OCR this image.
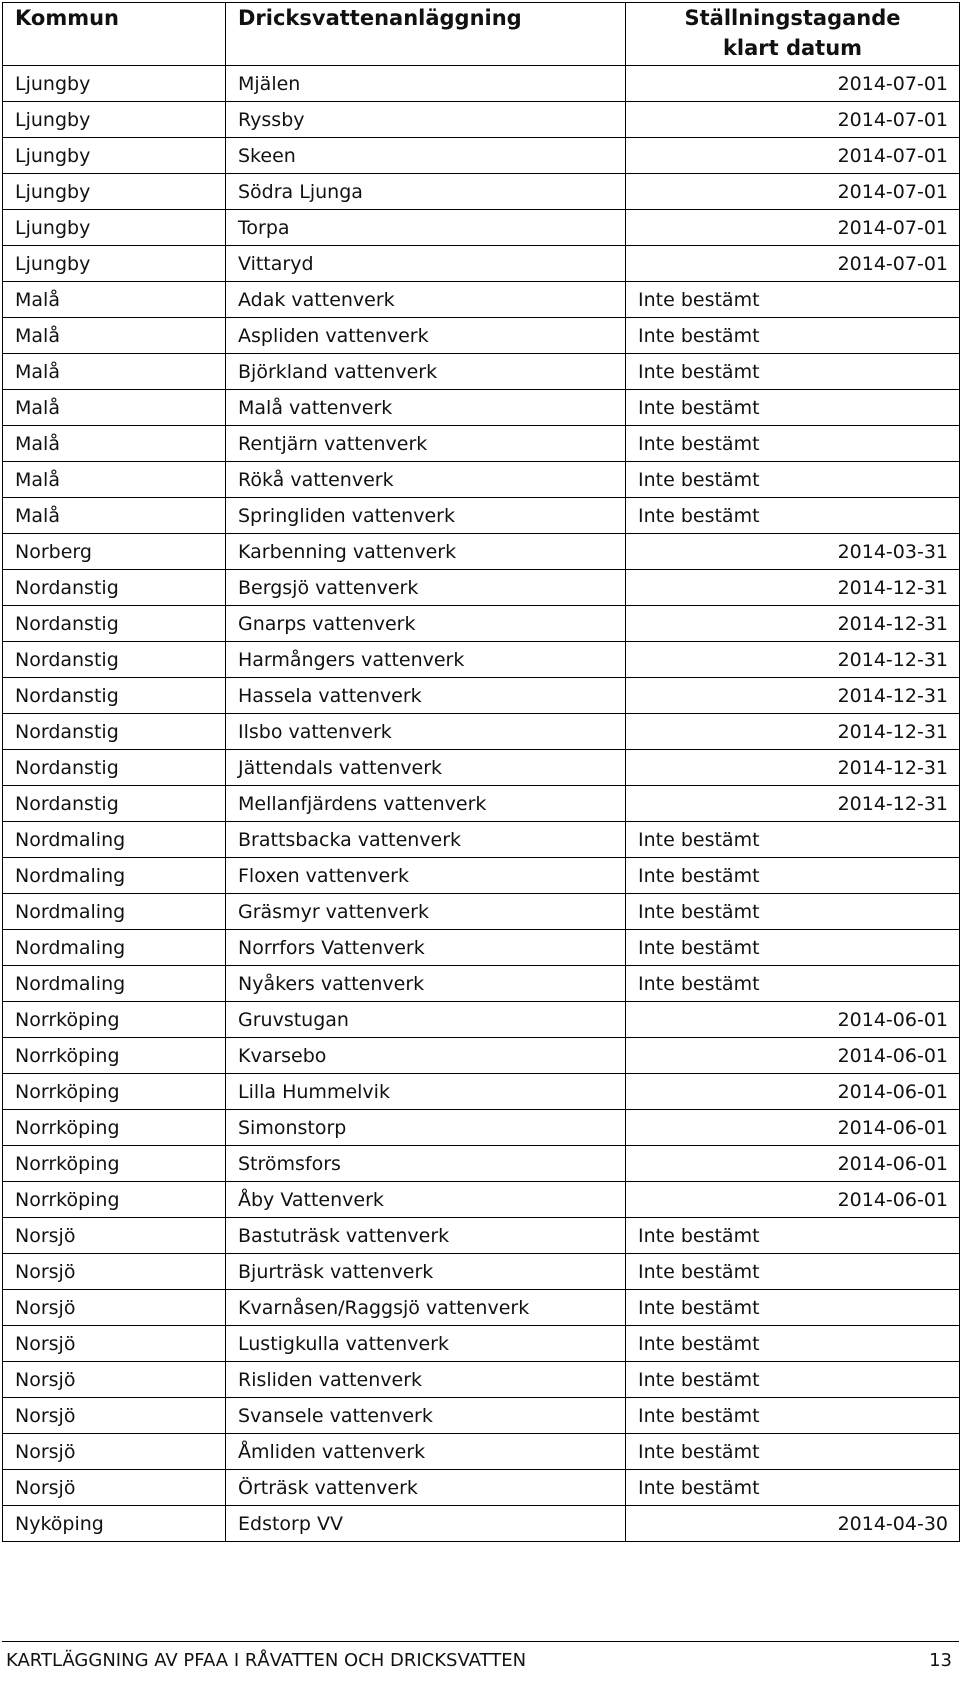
Kommun	Dricksvattenanläggning	Ställningstagande
klart datum
Ljungby	Mjälen	2014-07-01
Ljungby	Ryssby	2014-07-01
Ljungby	Skeen	2014-07-01
Ljungby	Södra Ljunga	2014-07-01
Ljungby	Torpa	2014-07-01
Ljungby	Vittaryd	2014-07-01
Malå	Adak vattenverk	Inte bestämt
Malå	Aspliden vattenverk	Inte bestämt
Malå	Björkland vattenverk	Inte bestämt
Malå	Malå vattenverk	Inte bestämt
Malå	Rentjärn vattenverk	Inte bestämt
Malå	Rökå vattenverk	Inte bestämt
Malå	Springliden vattenverk	Inte bestämt
Norberg	Karbenning vattenverk	2014-03-31
Nordanstig	Bergsjö vattenverk	2014-12-31
Nordanstig	Gnarps vattenverk	2014-12-31
Nordanstig	Harmångers vattenverk	2014-12-31
Nordanstig	Hassela vattenverk	2014-12-31
Nordanstig	Ilsbo vattenverk	2014-12-31
Nordanstig	Jättendals vattenverk	2014-12-31
Nordanstig	Mellanfjärdens vattenverk	2014-12-31
Nordmaling	Brattsbacka vattenverk	Inte bestämt
Nordmaling	Floxen vattenverk	Inte bestämt
Nordmaling	Gräsmyr vattenverk	Inte bestämt
Nordmaling	Norrfors Vattenverk	Inte bestämt
Nordmaling	Nyåkers vattenverk	Inte bestämt
Norrköping	Gruvstugan	2014-06-01
Norrköping	Kvarsebo	2014-06-01
Norrköping	Lilla Hummelvik	2014-06-01
Norrköping	Simonstorp	2014-06-01
Norrköping	Strömsfors	2014-06-01
Norrköping	Åby Vattenverk	2014-06-01
Norsjö	Bastuträsk vattenverk	Inte bestämt
Norsjö	Bjurträsk vattenverk	Inte bestämt
Norsjö	Kvarnåsen/Raggsjö vattenverk	Inte bestämt
Norsjö	Lustigkulla vattenverk	Inte bestämt
Norsjö	Risliden vattenverk	Inte bestämt
Norsjö	Svansele vattenverk	Inte bestämt
Norsjö	Åmliden vattenverk	Inte bestämt
Norsjö	Örträsk vattenverk	Inte bestämt
Nyköping	Edstorp VV	2014-04-30
KARTLÄGGNING AV PFAA I RÅVATTEN OCH DRICKSVATTEN	13
